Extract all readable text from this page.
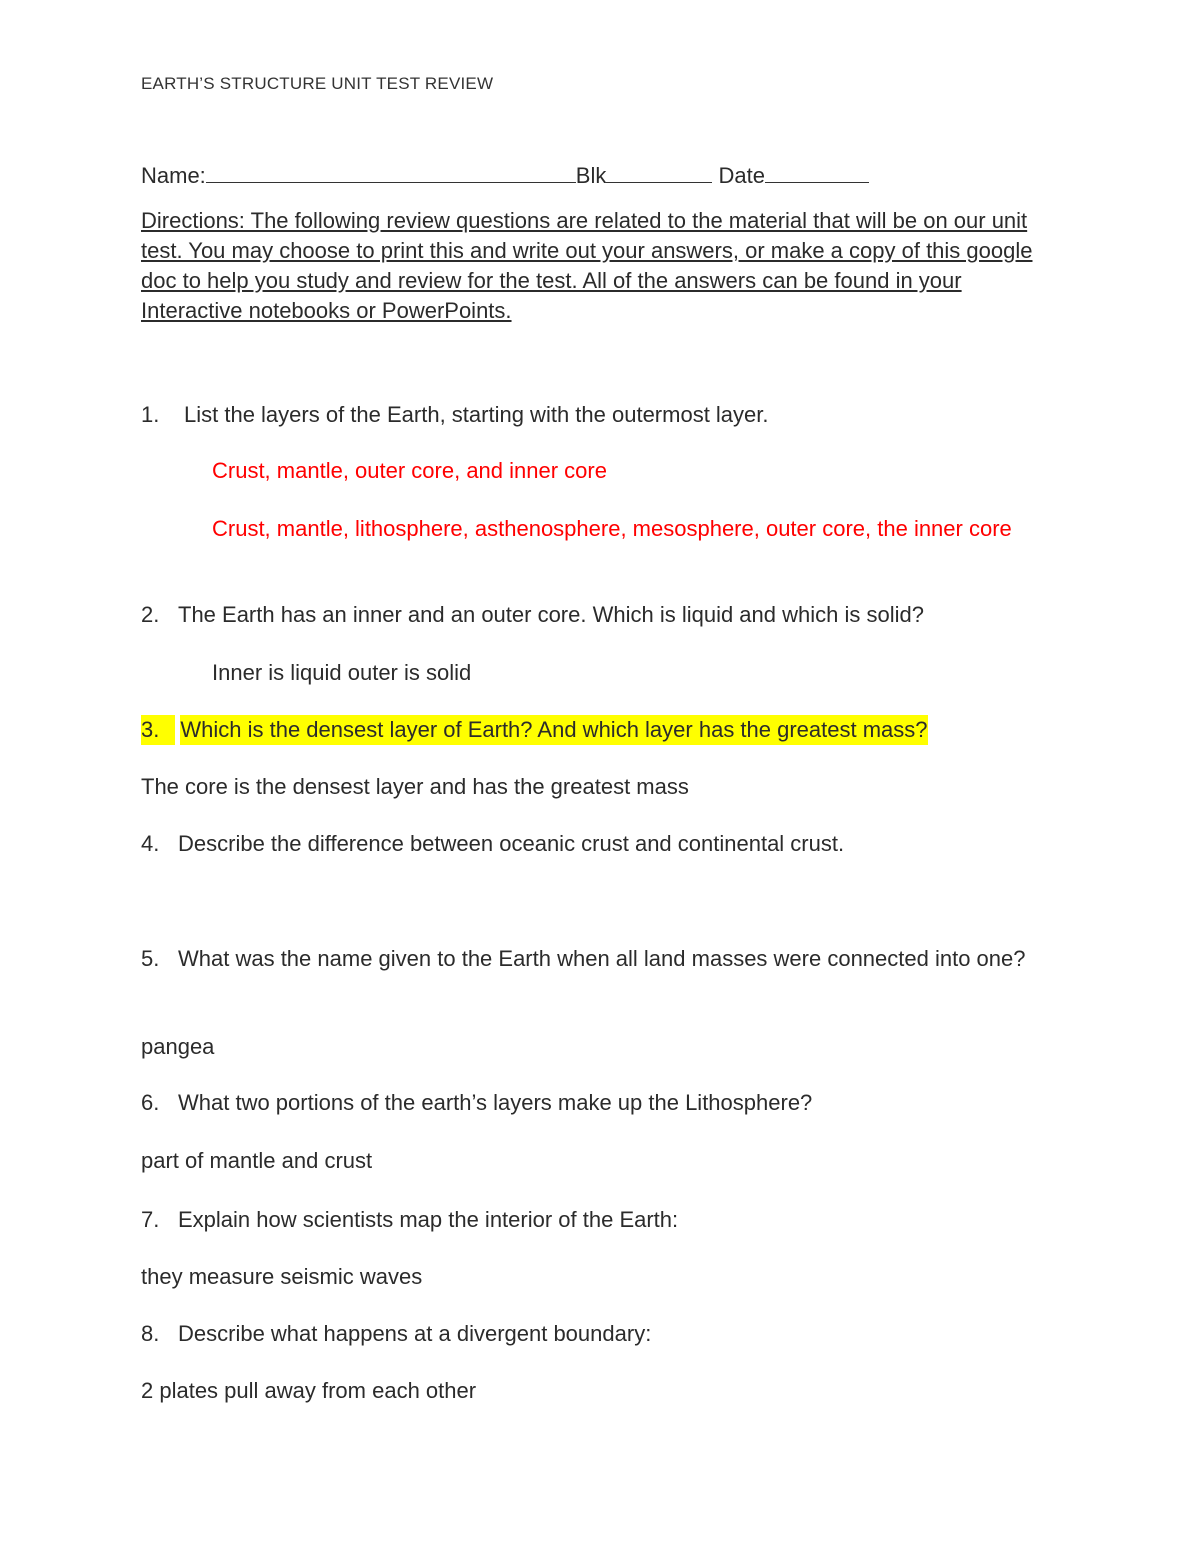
EARTH’S STRUCTURE UNIT TEST REVIEW
Name:	Blk	Date
Directions: The following review questions are related to the material that will be on our unit test. You may choose to print this and write out your answers, or make a copy of this google doc to help you study and review for the test. All of the answers can be found in your Interactive notebooks or PowerPoints.
1. List the layers of the Earth, starting with the outermost layer.
Crust, mantle, outer core, and inner core
Crust, mantle, lithosphere, asthenosphere, mesosphere, outer core, the inner core
2. The Earth has an inner and an outer core. Which is liquid and which is solid?
Inner is liquid outer is solid
3. Which is the densest layer of Earth? And which layer has the greatest mass?
The core is the densest layer and has the greatest mass
4. Describe the difference between oceanic crust and continental crust.
5. What was the name given to the Earth when all land masses were connected into one?
pangea
6. What two portions of the earth’s layers make up the Lithosphere?
part of mantle and crust
7. Explain how scientists map the interior of the Earth:
they measure seismic waves
8. Describe what happens at a divergent boundary:
2 plates pull away from each other
